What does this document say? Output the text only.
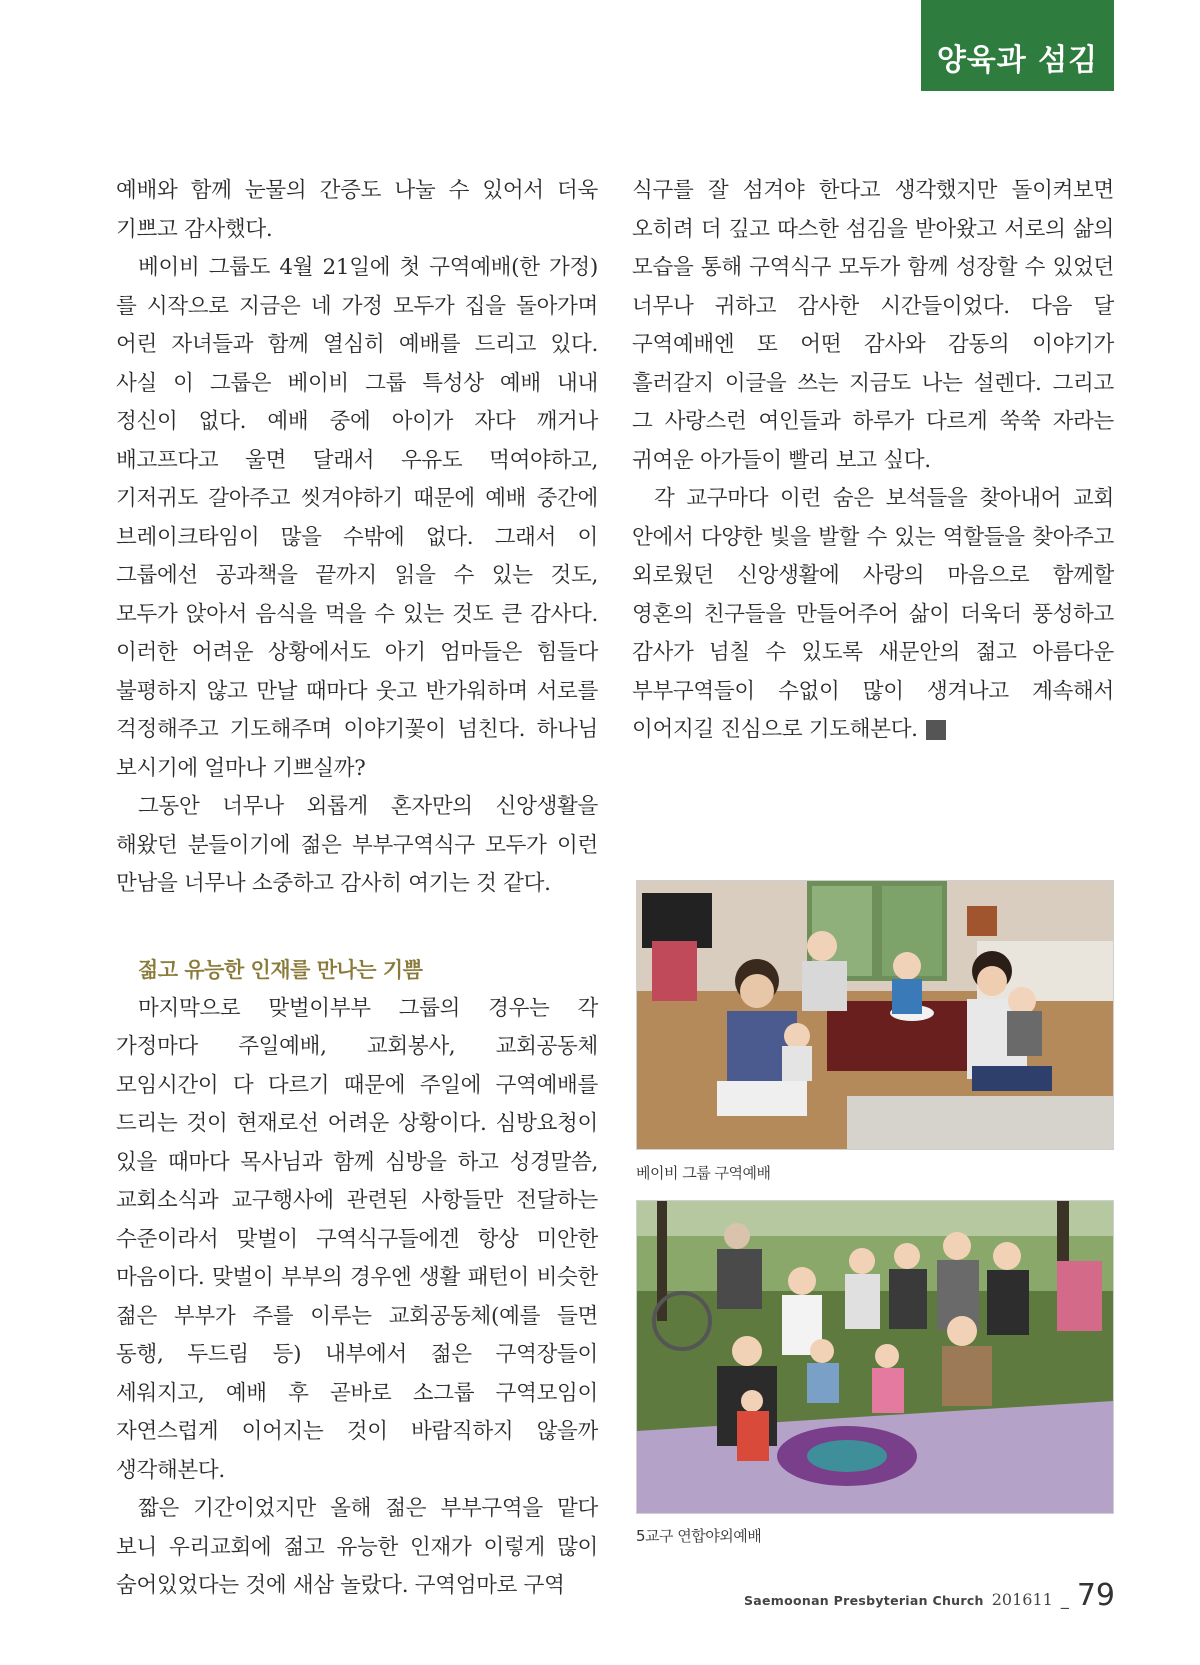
양육과 섬김

예배와 함께 눈물의 간증도 나눌 수 있어서 더욱 기쁘고 감사했다.

베이비 그룹도 4월 21일에 첫 구역예배(한 가정)를 시작으로 지금은 네 가정 모두가 집을 돌아가며 어린 자녀들과 함께 열심히 예배를 드리고 있다. 사실 이 그룹은 베이비 그룹 특성상 예배 내내 정신이 없다. 예배 중에 아이가 자다 깨거나 배고프다고 울면 달래서 우유도 먹여야하고, 기저귀도 갈아주고 씻겨야하기 때문에 예배 중간에 브레이크타임이 많을 수밖에 없다. 그래서 이 그룹에선 공과책을 끝까지 읽을 수 있는 것도, 모두가 앉아서 음식을 먹을 수 있는 것도 큰 감사다. 이러한 어려운 상황에서도 아기 엄마들은 힘들다 불평하지 않고 만날 때마다 웃고 반가워하며 서로를 걱정해주고 기도해주며 이야기꽃이 넘친다. 하나님 보시기에 얼마나 기쁘실까?

그동안 너무나 외롭게 혼자만의 신앙생활을 해왔던 분들이기에 젊은 부부구역식구 모두가 이런 만남을 너무나 소중하고 감사히 여기는 것 같다.

젊고 유능한 인재를 만나는 기쁨

마지막으로 맞벌이부부 그룹의 경우는 각 가정마다 주일예배, 교회봉사, 교회공동체 모임시간이 다 다르기 때문에 주일에 구역예배를 드리는 것이 현재로선 어려운 상황이다. 심방요청이 있을 때마다 목사님과 함께 심방을 하고 성경말씀, 교회소식과 교구행사에 관련된 사항들만 전달하는 수준이라서 맞벌이 구역식구들에겐 항상 미안한 마음이다. 맞벌이 부부의 경우엔 생활 패턴이 비슷한 젊은 부부가 주를 이루는 교회공동체(예를 들면 동행, 두드림 등) 내부에서 젊은 구역장들이 세워지고, 예배 후 곧바로 소그룹 구역모임이 자연스럽게 이어지는 것이 바람직하지 않을까 생각해본다.

짧은 기간이었지만 올해 젊은 부부구역을 맡다 보니 우리교회에 젊고 유능한 인재가 이렇게 많이 숨어있었다는 것에 새삼 놀랐다. 구역엄마로 구역

식구를 잘 섬겨야 한다고 생각했지만 돌이켜보면 오히려 더 깊고 따스한 섬김을 받아왔고 서로의 삶의 모습을 통해 구역식구 모두가 함께 성장할 수 있었던 너무나 귀하고 감사한 시간들이었다. 다음 달 구역예배엔 또 어떤 감사와 감동의 이야기가 흘러갈지 이글을 쓰는 지금도 나는 설렌다. 그리고 그 사랑스런 여인들과 하루가 다르게 쑥쑥 자라는 귀여운 아가들이 빨리 보고 싶다.

각 교구마다 이런 숨은 보석들을 찾아내어 교회 안에서 다양한 빛을 발할 수 있는 역할들을 찾아주고 외로웠던 신앙생활에 사랑의 마음으로 함께할 영혼의 친구들을 만들어주어 삶이 더욱더 풍성하고 감사가 넘칠 수 있도록 새문안의 젊고 아름다운 부부구역들이 수없이 많이 생겨나고 계속해서 이어지길 진심으로 기도해본다. 새

베이비 그룹 구역예배
5교구 연합야외예배
Saemoonan Presbyterian Church 201611 _ 79
